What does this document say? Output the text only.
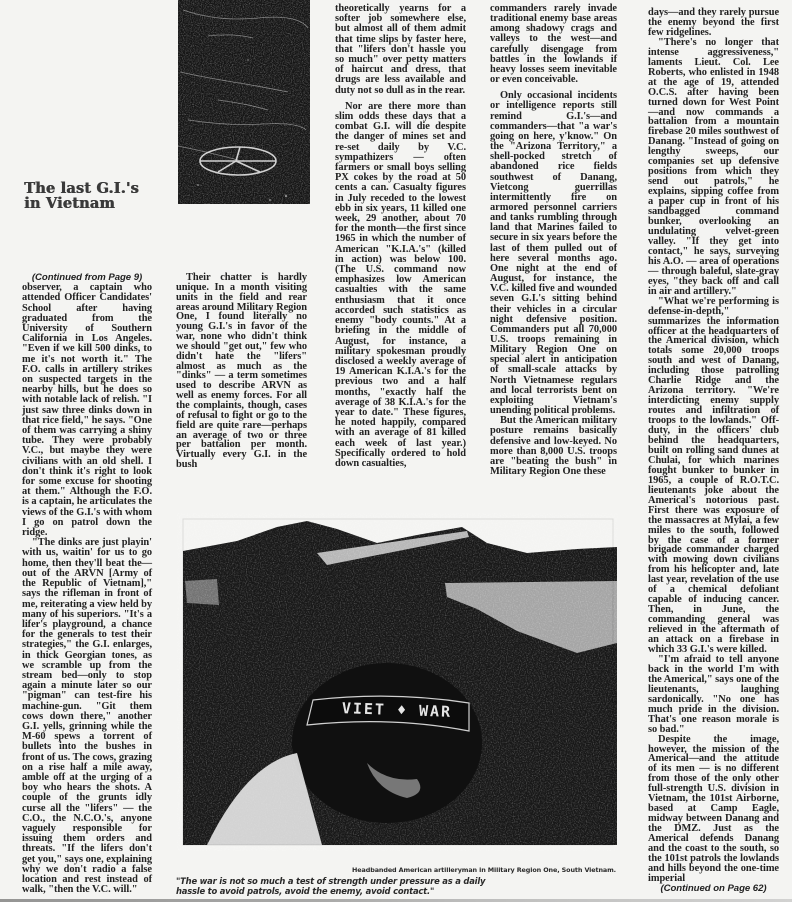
The last G.I.'s
in Vietnam

(Continued from Page 9)

observer, a captain who attended Officer Candidates' School after having graduated from the University of Southern California in Los Angeles. "Even if we kill 500 dinks, to me it's not worth it." The F.O. calls in artillery strikes on suspected targets in the nearby hills, but he does so with notable lack of relish. "I just saw three dinks down in that rice field," he says. "One of them was carrying a shiny tube. They were probably V.C., but maybe they were civilians with an old shell. I don't think it's right to look for some excuse for shooting at them." Although the F.O. is a captain, he articulates the views of the G.I.'s with whom I go on patrol down the ridge.

"The dinks are just playin' with us, waitin' for us to go home, then they'll beat the— out of the ARVN [Army of the Republic of Vietnam]," says the rifleman in front of me, reiterating a view held by many of his superiors. "It's a lifer's playground, a chance for the generals to test their strategies," the G.I. enlarges, in thick Georgian tones, as we scramble up from the stream bed—only to stop again a minute later so our "pigman" can test-fire his machine-gun. "Git them cows down there," another G.I. yells, grinning while the M-60 spews a torrent of bullets into the bushes in front of us. The cows, grazing on a rise half a mile away, amble off at the urging of a boy who hears the shots. A couple of the grunts idly curse all the "lifers" — the C.O., the N.C.O.'s, anyone vaguely responsible for issuing them orders and threats. "If the lifers don't get you," says one, explaining why we don't radio a false location and rest instead of walk, "then the V.C. will."

Their chatter is hardly unique. In a month visiting units in the field and rear areas around Military Region One, I found literally no young G.I.'s in favor of the war, none who didn't think we should "get out," few who didn't hate the "lifers" almost as much as the "dinks" — a term sometimes used to describe ARVN as well as enemy forces. For all the complaints, though, cases of refusal to fight or go to the field are quite rare—perhaps an average of two or three per battalion per month. Virtually every G.I. in the bush

theoretically yearns for a softer job somewhere else, but almost all of them admit that time slips by faster here, that "lifers don't hassle you so much" over petty matters of haircut and dress, that drugs are less available and duty not so dull as in the rear.

Nor are there more than slim odds these days that a combat G.I. will die despite the danger of mines set and re-set daily by V.C. sympathizers — often farmers or small boys selling PX cokes by the road at 50 cents a can. Casualty figures in July receded to the lowest ebb in six years, 11 killed one week, 29 another, about 70 for the month—the first since 1965 in which the number of American "K.I.A.'s" (killed in action) was below 100. (The U.S. command now emphasizes low American casualties with the same enthusiasm that it once accorded such statistics as enemy "body counts." At a briefing in the middle of August, for instance, a military spokesman proudly disclosed a weekly average of 19 American K.I.A.'s for the previous two and a half months, "exactly half the average of 38 K.I.A.'s for the year to date." These figures, he noted happily, compared with an average of 81 killed each week of last year.) Specifically ordered to hold down casualties,

commanders rarely invade traditional enemy base areas among shadowy crags and valleys to the west—and carefully disengage from battles in the lowlands if heavy losses seem inevitable or even conceivable.

Only occasional incidents or intelligence reports still remind G.I.'s—and commanders—that "a war's going on here, y'know." On the "Arizona Territory," a shell-pocked stretch of abandoned rice fields southwest of Danang, Vietcong guerrillas intermittently fire on armored personnel carriers and tanks rumbling through land that Marines failed to secure in six years before the last of them pulled out of here several months ago. One night at the end of August, for instance, the V.C. killed five and wounded seven G.I.'s sitting behind their vehicles in a circular night defensive position. Commanders put all 70,000 U.S. troops remaining in Military Region One on special alert in anticipation of small-scale attacks by North Vietnamese regulars and local terrorists bent on exploiting Vietnam's unending political problems.

But the American military posture remains basically defensive and low-keyed. No more than 8,000 U.S. troops are "beating the bush" in Military Region One these

days—and they rarely pursue the enemy beyond the first few ridgelines.

"There's no longer that intense aggressiveness," laments Lieut. Col. Lee Roberts, who enlisted in 1948 at the age of 19, attended O.C.S. after having been turned down for West Point—and now commands a battalion from a mountain firebase 20 miles southwest of Danang. "Instead of going on lengthy sweeps, our companies set up defensive positions from which they send out patrols," he explains, sipping coffee from a paper cup in front of his sandbagged command bunker, overlooking an undulating velvet-green valley. "If they get into contact," he says, surveying his A.O. — area of operations — through baleful, slate-gray eyes, "they back off and call in air and artillery."

"What we're performing is defense-in-depth," summarizes the information officer at the headquarters of the Americal division, which totals some 20,000 troops south and west of Danang, including those patrolling Charlie Ridge and the Arizona territory. "We're interdicting enemy supply routes and infiltration of troops to the lowlands." Off-duty, in the officers' club behind the headquarters, built on rolling sand dunes at Chulai, for which marines fought bunker to bunker in 1965, a couple of R.O.T.C. lieutenants joke about the Americal's notorious past. First there was exposure of the massacres at Mylai, a few miles to the south, followed by the case of a former brigade commander charged with mowing down civilians from his helicopter and, late last year, revelation of the use of a chemical defoliant capable of inducing cancer. Then, in June, the commanding general was relieved in the aftermath of an attack on a firebase in which 33 G.I.'s were killed.

"I'm afraid to tell anyone back in the world I'm with the Americal," says one of the lieutenants, laughing sardonically. "No one has much pride in the division. That's one reason morale is so bad."

Despite the image, however, the mission of the Americal—and the attitude of its men — is no different from those of the only other full-strength U.S. division in Vietnam, the 101st Airborne, based at Camp Eagle, midway between Danang and the DMZ. Just as the Americal defends Danang and the coast to the south, so the 101st patrols the lowlands and hills beyond the one-time imperial

(Continued on Page 62)

VIET ♦ WAR
Headbanded American artilleryman in Military Region One, South Vietnam.
"The war is not so much a test of strength under pressure as a daily hassle to avoid patrols, avoid the enemy, avoid contact."
